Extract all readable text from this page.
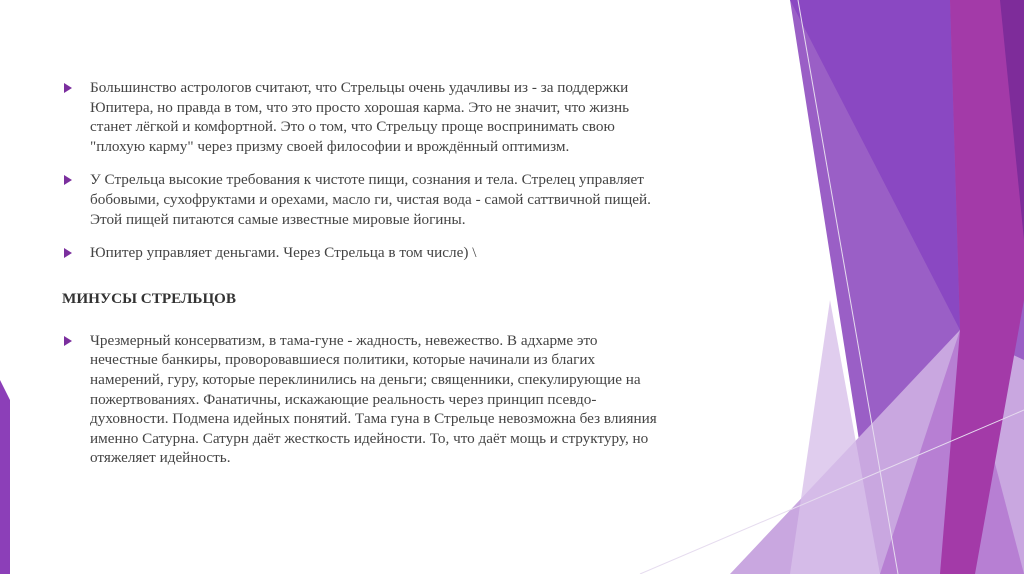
Большинство астрологов считают, что Стрельцы очень удачливы из - за поддержки
Юпитера, но правда в том, что это просто хорошая карма. Это не значит, что жизнь
станет лёгкой и комфортной. Это о том, что Стрельцу проще воспринимать свою
"плохую карму" через призму своей философии и врождённый оптимизм.
У Стрельца высокие требования к чистоте пищи, сознания и тела. Стрелец управляет
бобовыми, сухофруктами и орехами, масло ги, чистая вода - самой саттвичной пищей.
Этой пищей питаются самые известные мировые йогины.
Юпитер управляет деньгами. Через Стрельца в том числе) \
МИНУСЫ СТРЕЛЬЦОВ
Чрезмерный консерватизм, в тама-гуне - жадность, невежество. В адхарме это
нечестные банкиры, проворовавшиеся политики, которые начинали из благих
намерений, гуру, которые переклинились на деньги; священники, спекулирующие на
пожертвованиях. Фанатичны, искажающие реальность через принцип псевдо-
духовности. Подмена идейных понятий. Тама гуна в Стрельце невозможна без влияния
именно Сатурна. Сатурн даёт жесткость идейности. То, что даёт мощь и структуру, но
отяжеляет идейность.
